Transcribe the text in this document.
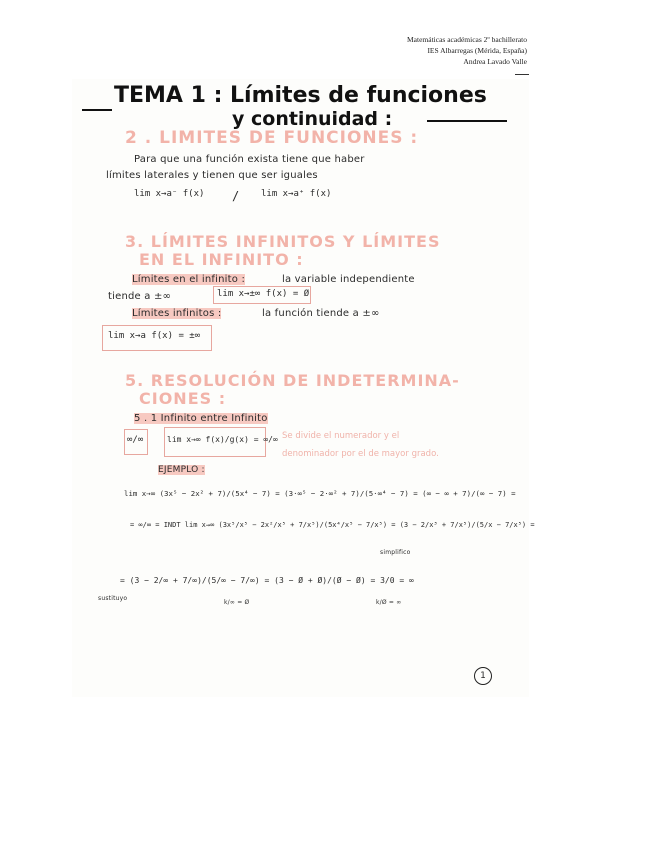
Matemáticas académicas 2º bachillerato
IES Albarregas (Mérida, España)
Andrea Lavado Valle
TEMA 1 : Límites de funciones
y continuidad :
2 . LIMITES DE FUNCIONES :
Para que una función exista tiene que haber
límites laterales y tienen que ser iguales
lim x→a⁻ f(x) / lim x→a⁺ f(x)
3. LÍMITES INFINITOS Y LÍMITES
EN EL INFINITO :
Límites en el infinito :	la variable independiente
tiende a ±∞	lim x→±∞ f(x) = Ø
Límites infinitos :	la función tiende a ±∞
lim x→a f(x) = ±∞
5. RESOLUCIÓN DE INDETERMINA-
CIONES :
5 . 1 Infinito entre Infinito
∞/∞	lim x→∞ f(x)/g(x) = ∞/∞ Se divide el numerador y el
denominador por el de mayor grado.
EJEMPLO :
lim x→∞ (3x⁵ − 2x² + 7)/(5x⁴ − 7) = (3·∞⁵ − 2·∞² + 7)/(5·∞⁴ − 7) = (∞ − ∞ + 7)/(∞ − 7) =
= ∞/∞ = INDT lim x→∞ (3x⁵/x⁵ − 2x²/x⁵ + 7/x⁵)/(5x⁴/x⁵ − 7/x⁵) = (3 − 2/x³ + 7/x⁵)/(5/x − 7/x⁵) =
simplifico
= (3 − 2/∞ + 7/∞)/(5/∞ − 7/∞) = (3 − Ø + Ø)/(Ø − Ø) = 3/0 = ∞
sustituyo
k/∞ = Ø	k/Ø = ∞
1
